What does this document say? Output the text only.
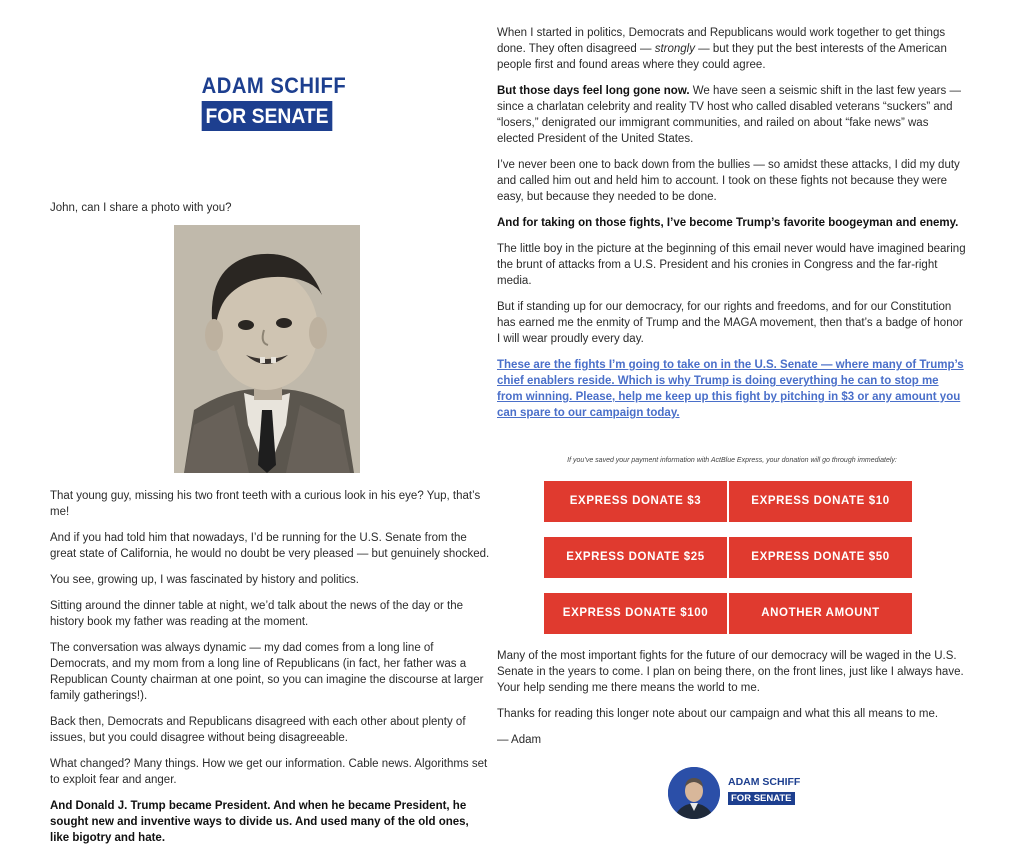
ADAM SCHIFF
FOR SENATE

John, can I share a photo with you?

That young guy, missing his two front teeth with a curious look in his eye? Yup, that’s me!

And if you had told him that nowadays, I’d be running for the U.S. Senate from the great state of California, he would no doubt be very pleased — but genuinely shocked.

You see, growing up, I was fascinated by history and politics.

Sitting around the dinner table at night, we’d talk about the news of the day or the history book my father was reading at the moment.

The conversation was always dynamic — my dad comes from a long line of Democrats, and my mom from a long line of Republicans (in fact, her father was a Republican County chairman at one point, so you can imagine the discourse at larger family gatherings!).

Back then, Democrats and Republicans disagreed with each other about plenty of issues, but you could disagree without being disagreeable.

What changed? Many things. How we get our information. Cable news. Algorithms set to exploit fear and anger.

And Donald J. Trump became President. And when he became President, he sought new and inventive ways to divide us. And used many of the old ones, like bigotry and hate.

When I started in politics, Democrats and Republicans would work together to get things done. They often disagreed — strongly — but they put the best interests of the American people first and found areas where they could agree.

But those days feel long gone now. We have seen a seismic shift in the last few years — since a charlatan celebrity and reality TV host who called disabled veterans “suckers” and “losers,” denigrated our immigrant communities, and railed on about “fake news” was elected President of the United States.

I’ve never been one to back down from the bullies — so amidst these attacks, I did my duty and called him out and held him to account. I took on these fights not because they were easy, but because they needed to be done.

And for taking on those fights, I’ve become Trump’s favorite boogeyman and enemy.

The little boy in the picture at the beginning of this email never would have imagined bearing the brunt of attacks from a U.S. President and his cronies in Congress and the far-right media.

But if standing up for our democracy, for our rights and freedoms, and for our Constitution has earned me the enmity of Trump and the MAGA movement, then that’s a badge of honor I will wear proudly every day.

These are the fights I’m going to take on in the U.S. Senate — where many of Trump’s chief enablers reside. Which is why Trump is doing everything he can to stop me from winning. Please, help me keep up this fight by pitching in $3 or any amount you can spare to our campaign today.
If you’ve saved your payment information with ActBlue Express, your donation will go through immediately:
EXPRESS DONATE $3	EXPRESS DONATE $10
EXPRESS DONATE $25	EXPRESS DONATE $50
EXPRESS DONATE $100	ANOTHER AMOUNT

Many of the most important fights for the future of our democracy will be waged in the U.S. Senate in the years to come. I plan on being there, on the front lines, just like I always have. Your help sending me there means the world to me.

Thanks for reading this longer note about our campaign and what this all means to me.

— Adam

ADAM SCHIFF
FOR SENATE
